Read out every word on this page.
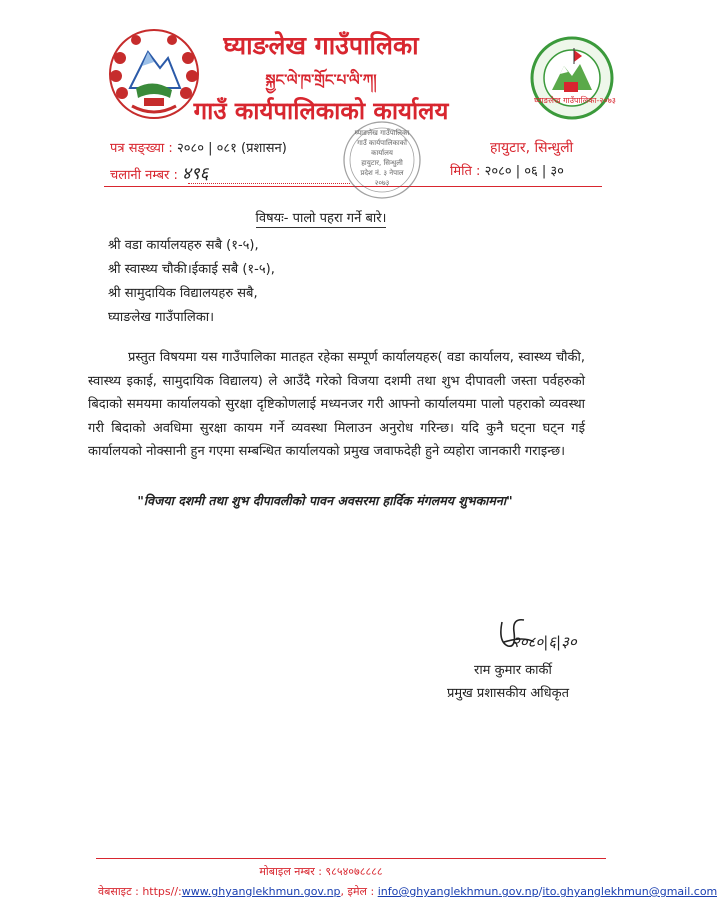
घ्याङलेख गाउँपालिका-२०७३
घ्याङलेख गाउँपालिका
སྐྱང་ལེ་ཁ་གྲོང་པ་ལི་ཀ།
गाउँ कार्यपालिकाको कार्यालय
पत्र सङ्ख्या : २०८० | ०८१ (प्रशासन)
चलानी नम्बर : ४९६
हायुटार, सिन्धुली
मिति : २०८० | ०६ | ३०
घ्याङलेख गाउँपालिका
गाउँ कार्यपालिकाको कार्यालय
हायुटार, सिन्धुली
प्रदेश नं. ३ नेपाल
२०७३
विषयः- पालो पहरा गर्ने बारे।
श्री वडा कार्यालयहरु सबै (१-५),
श्री स्वास्थ्य चौकी।ईकाई सबै (१-५),
श्री सामुदायिक विद्यालयहरु सबै,
घ्याङलेख गाउँपालिका।
प्रस्तुत विषयमा यस गाउँपालिका मातहत रहेका सम्पूर्ण कार्यालयहरु( वडा कार्यालय, स्वास्थ्य चौकी, स्वास्थ्य इकाई, सामुदायिक विद्यालय) ले आउँदै गरेको विजया दशमी तथा शुभ दीपावली जस्ता पर्वहरुको बिदाको समयमा कार्यालयको सुरक्षा दृष्टिकोणलाई मध्यनजर गरी आफ्नो कार्यालयमा पालो पहराको व्यवस्था गरी बिदाको अवधिमा सुरक्षा कायम गर्ने व्यवस्था मिलाउन अनुरोध गरिन्छ। यदि कुनै घट्ना घट्न गई कार्यालयको नोक्सानी हुन गएमा सम्बन्धित कार्यालयको प्रमुख जवाफदेही हुने व्यहोरा जानकारी गराइन्छ।
"विजया दशमी तथा शुभ दीपावलीको पावन अवसरमा हार्दिक मंगलमय शुभकामना"
२०८०|६|३०
राम कुमार कार्की
प्रमुख प्रशासकीय अधिकृत
मोबाइल नम्बर : ९८५४०७८८८८
वेबसाइट : https//:www.ghyanglekhmun.gov.np, इमेल : info@ghyanglekhmun.gov.np/ito.ghyanglekhmun@gmail.com
